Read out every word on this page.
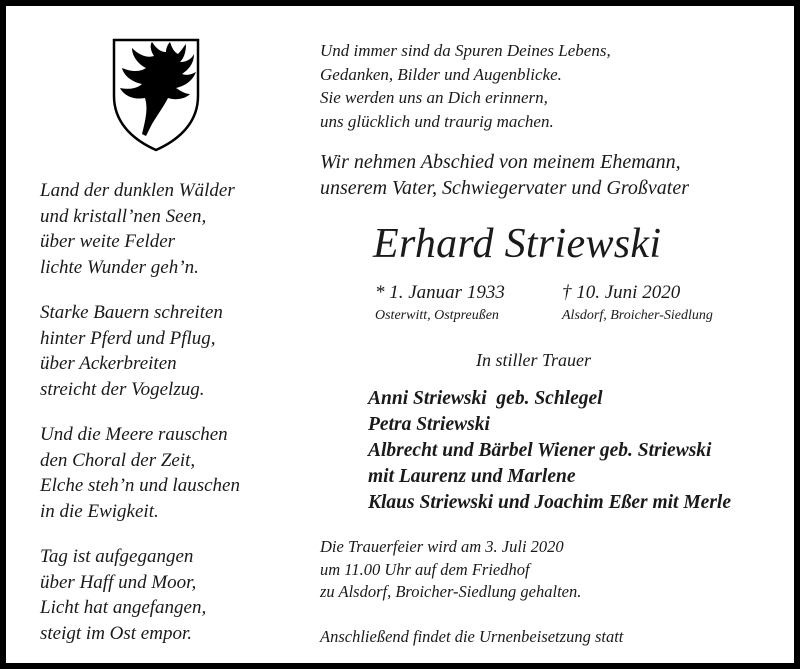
Land der dunklen Wälder
und kristall’nen Seen,
über weite Felder
lichte Wunder geh’n.
Starke Bauern schreiten
hinter Pferd und Pflug,
über Ackerbreiten
streicht der Vogelzug.
Und die Meere rauschen
den Choral der Zeit,
Elche steh’n und lauschen
in die Ewigkeit.
Tag ist aufgegangen
über Haff und Moor,
Licht hat angefangen,
steigt im Ost empor.
Und immer sind da Spuren Deines Lebens,
Gedanken, Bilder und Augenblicke.
Sie werden uns an Dich erinnern,
uns glücklich und traurig machen.
Wir nehmen Abschied von meinem Ehemann,
unserem Vater, Schwiegervater und Großvater
Erhard Striewski
* 1. Januar 1933	† 10. Juni 2020
Osterwitt, Ostpreußen	Alsdorf, Broicher-Siedlung
In stiller Trauer
Anni Striewski  geb. Schlegel
Petra Striewski
Albrecht und Bärbel Wiener geb. Striewski
mit Laurenz und Marlene
Klaus Striewski und Joachim Eßer mit Merle
Die Trauerfeier wird am 3. Juli 2020
um 11.00 Uhr auf dem Friedhof
zu Alsdorf, Broicher-Siedlung gehalten.
Anschließend findet die Urnenbeisetzung statt
